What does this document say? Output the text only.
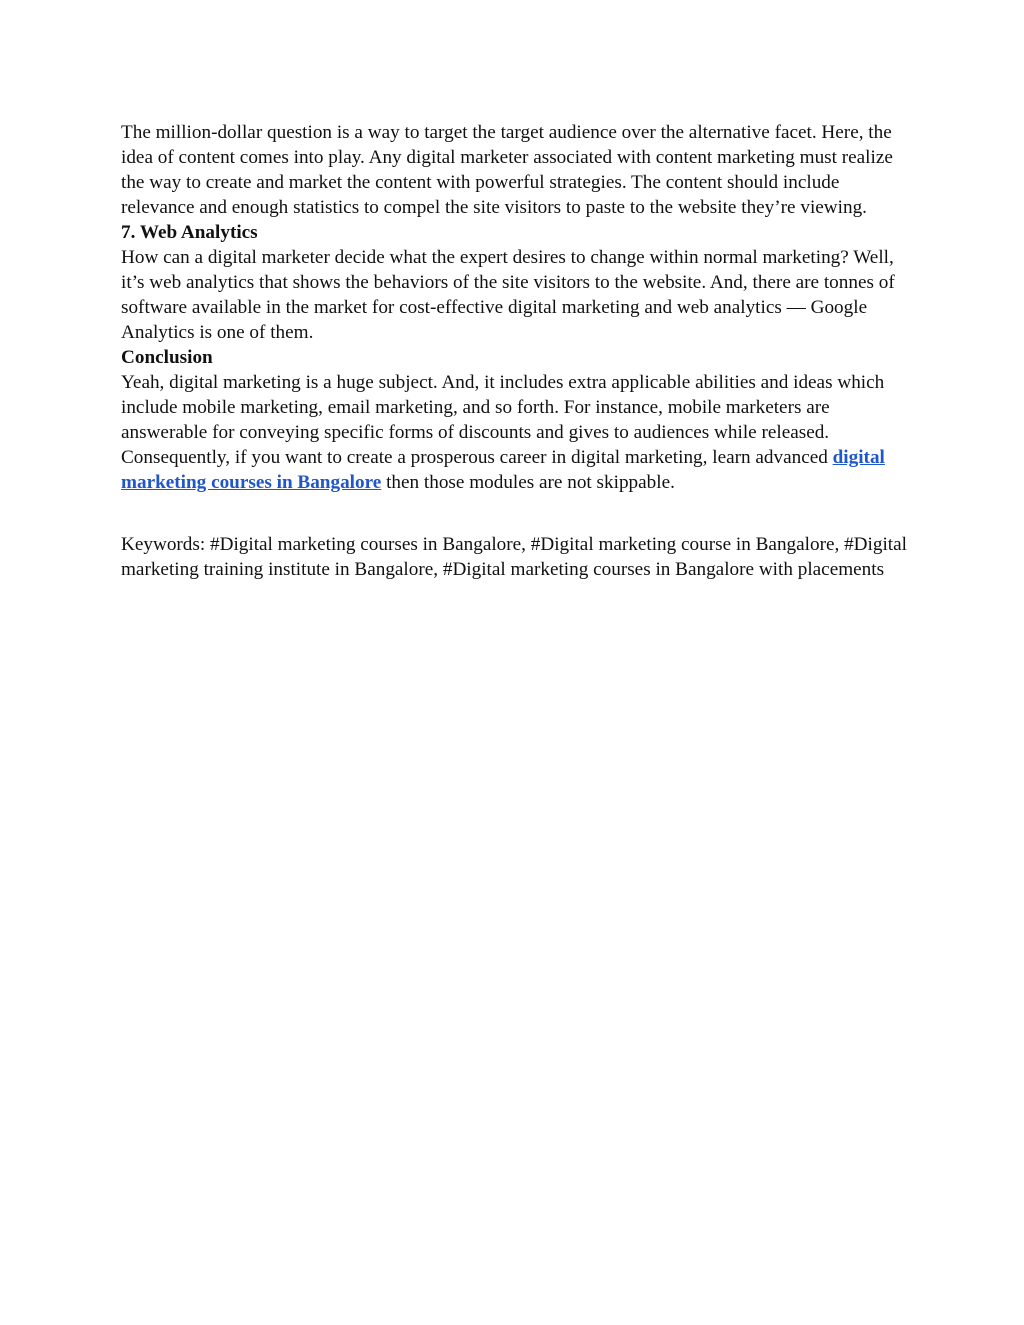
The million-dollar question is a way to target the target audience over the alternative facet. Here, the idea of content comes into play. Any digital marketer associated with content marketing must realize the way to create and market the content with powerful strategies. The content should include relevance and enough statistics to compel the site visitors to paste to the website they’re viewing.

7. Web Analytics

How can a digital marketer decide what the expert desires to change within normal marketing? Well, it’s web analytics that shows the behaviors of the site visitors to the website. And, there are tonnes of software available in the market for cost-effective digital marketing and web analytics — Google Analytics is one of them.

Conclusion

Yeah, digital marketing is a huge subject. And, it includes extra applicable abilities and ideas which include mobile marketing, email marketing, and so forth. For instance, mobile marketers are answerable for conveying specific forms of discounts and gives to audiences while released.

Consequently, if you want to create a prosperous career in digital marketing, learn advanced digital marketing courses in Bangalore then those modules are not skippable.

Keywords: #Digital marketing courses in Bangalore, #Digital marketing course in Bangalore, #Digital marketing training institute in Bangalore, #Digital marketing courses in Bangalore with placements
